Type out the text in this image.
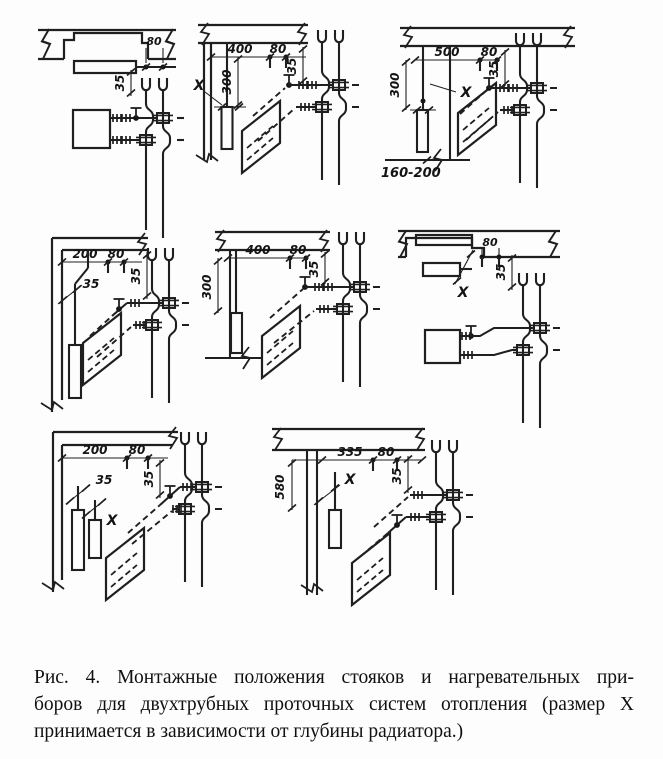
80
35
400 80
35
300
X
500 80
35
300	X
160-200
200 80
35 35
400 80
300
35
80
X
35
200 80
35
X
35
335 80
580	X	35
Рис. 4. Монтажные положения стояков и нагревательных при-
боров для двухтрубных проточных систем отопления (размер X
принимается в зависимости от глубины радиатора.)
